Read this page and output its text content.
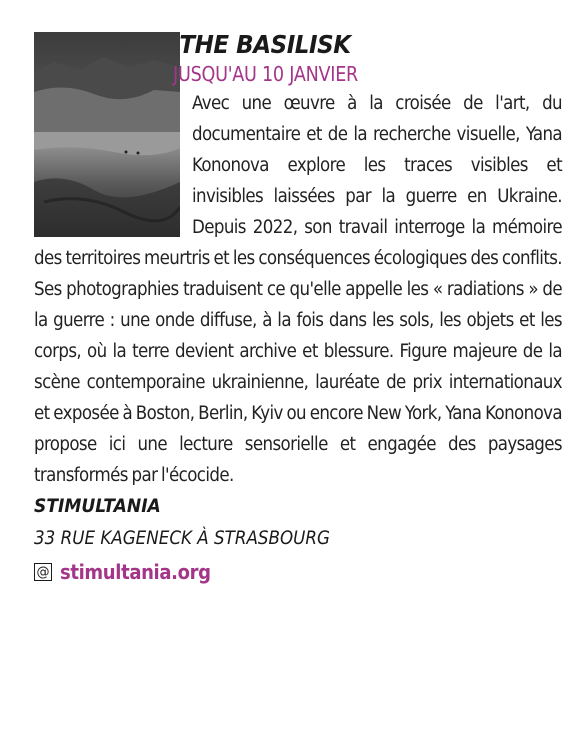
THE BASILISK

JUSQU'AU 10 JANVIER

Avec une œuvre à la croisée de l'art, du documentaire et de la recherche visuelle, Yana Kononova explore les traces visibles et invisibles laissées par la guerre en Ukraine. Depuis 2022, son travail interroge la mémoire des territoires meurtris et les conséquences écologiques des conflits. Ses photographies traduisent ce qu'elle appelle les « radiations » de la guerre : une onde diffuse, à la fois dans les sols, les objets et les corps, où la terre devient archive et blessure. Figure majeure de la scène contemporaine ukrainienne, lauréate de prix internationaux et exposée à Boston, Berlin, Kyiv ou encore New York, Yana Kononova propose ici une lecture sensorielle et engagée des paysages transformés par l'écocide.

STIMULTANIA

33 RUE KAGENECK À STRASBOURG

@ stimultania.org
